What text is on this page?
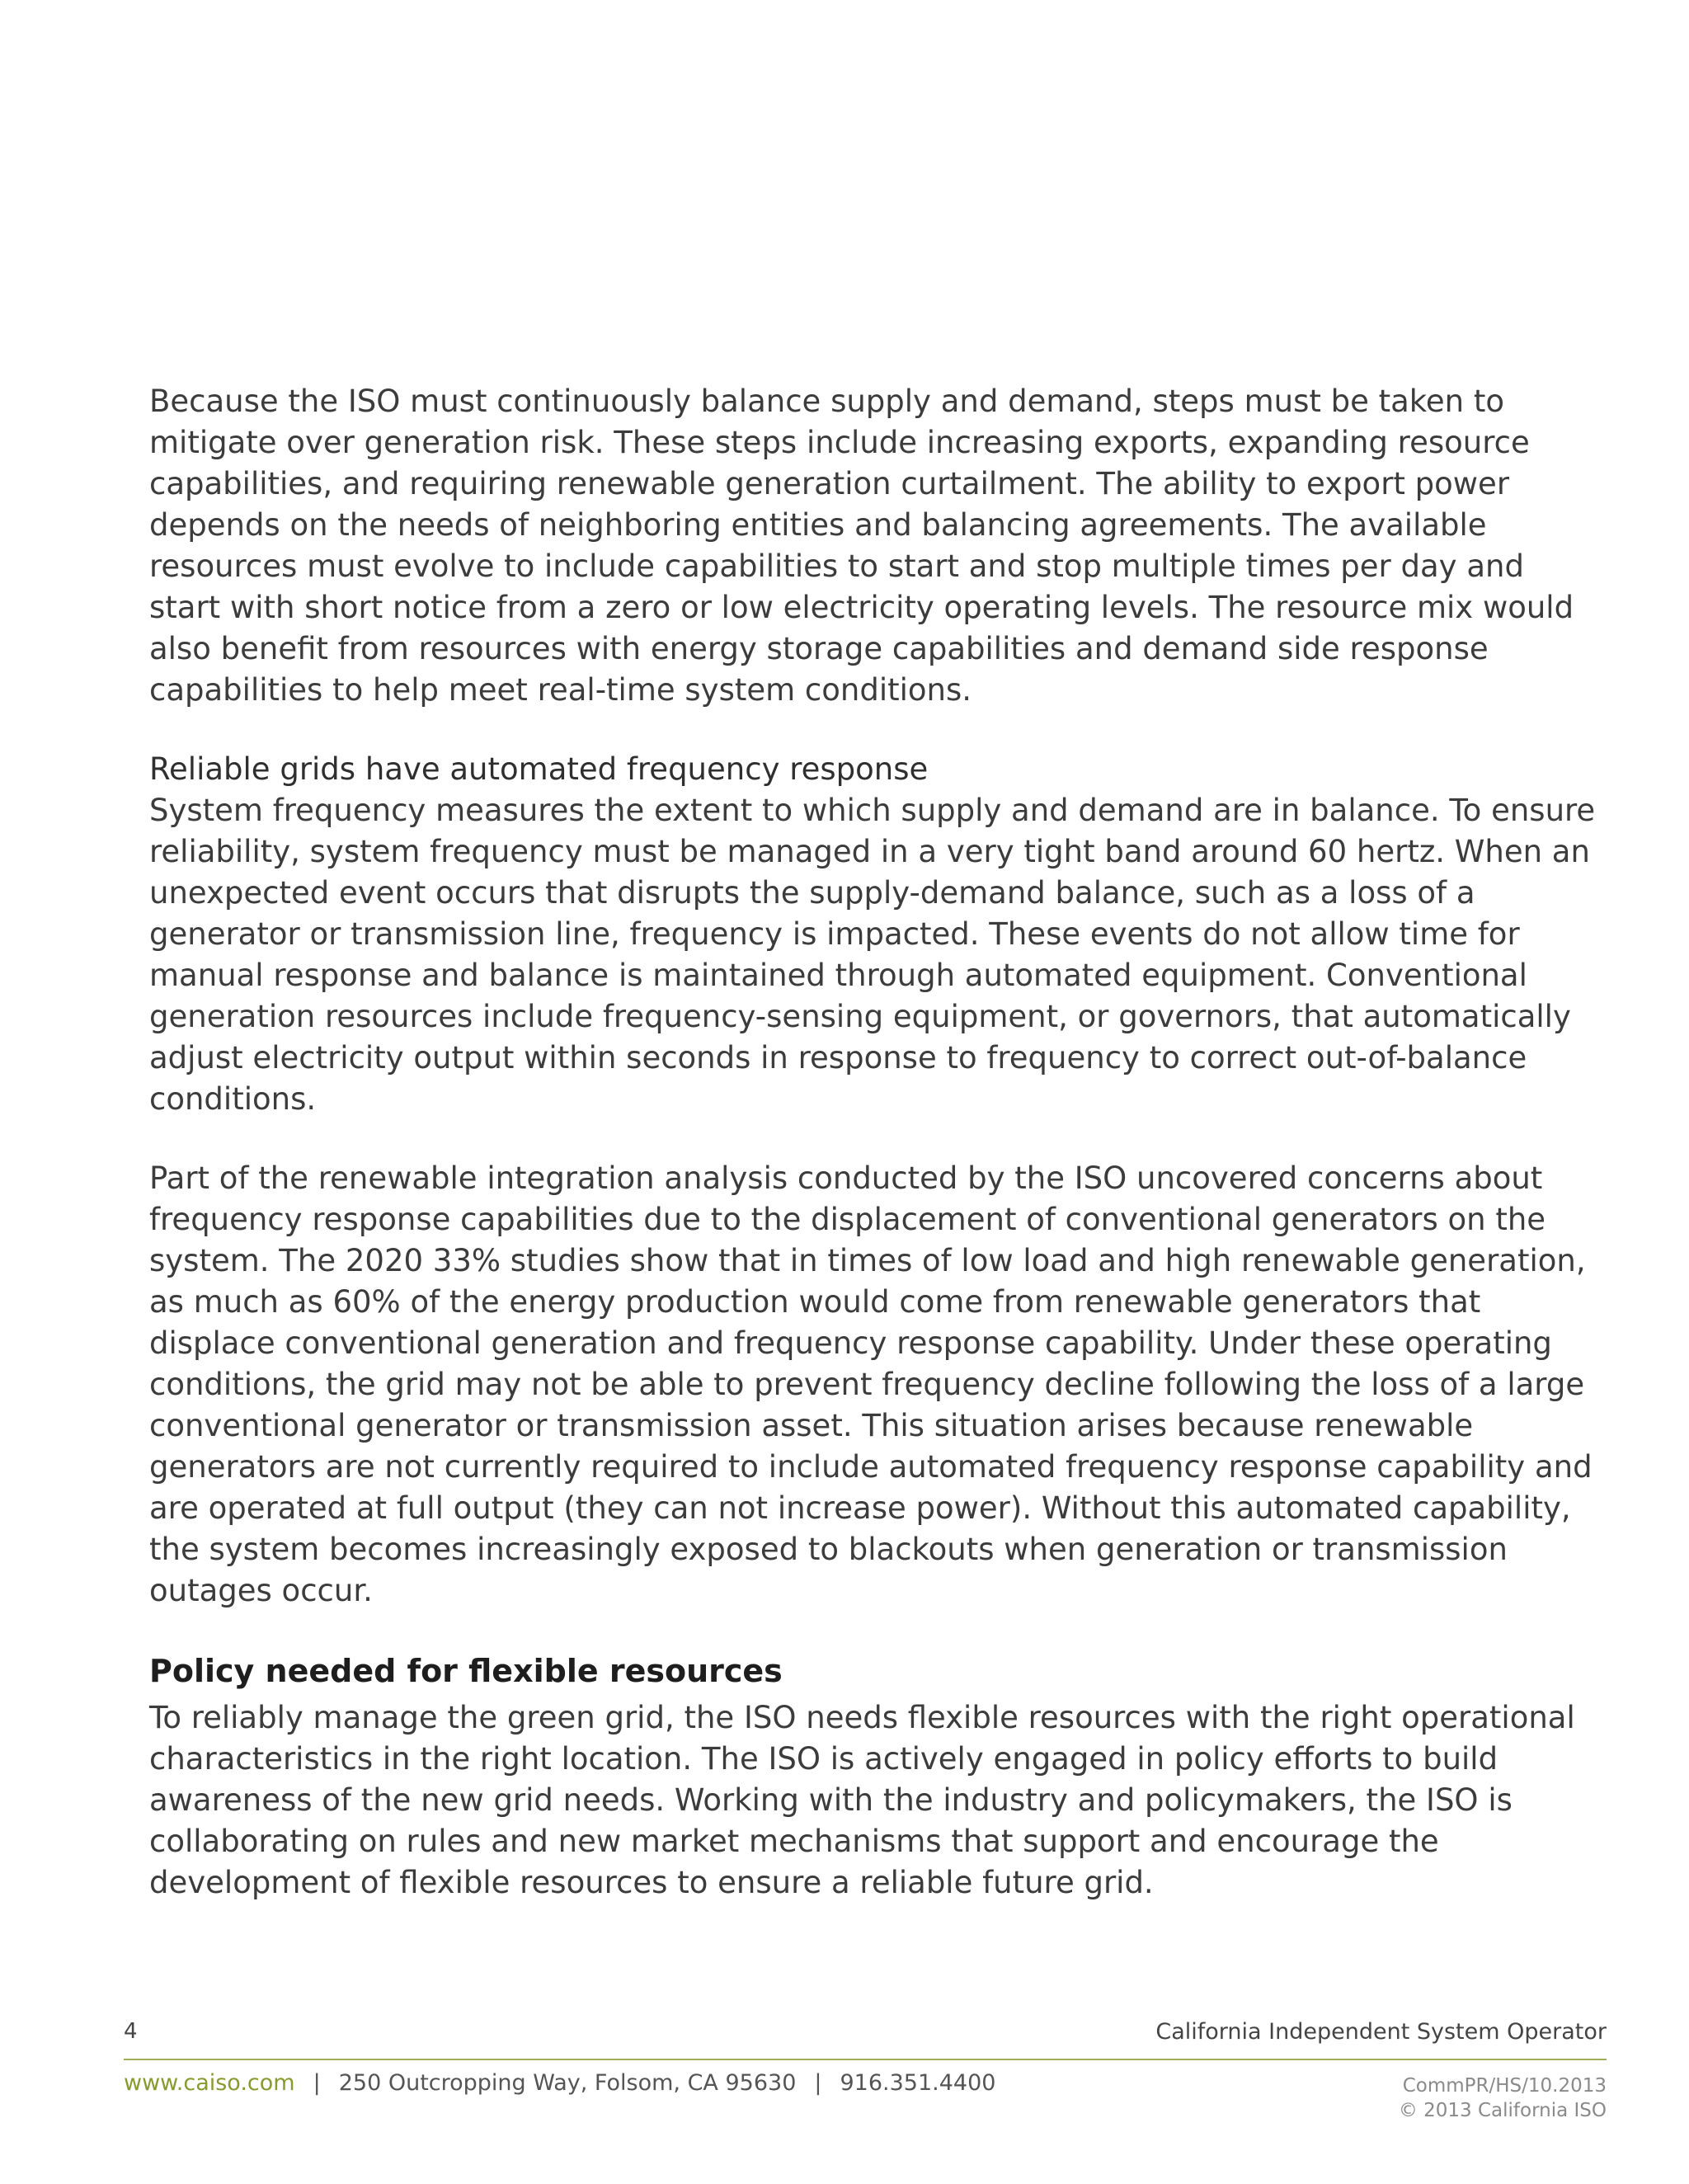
Because the ISO must continuously balance supply and demand, steps must be taken to mitigate over generation risk. These steps include increasing exports, expanding resource capabilities, and requiring renewable generation curtailment. The ability to export power depends on the needs of neighboring entities and balancing agreements. The available resources must evolve to include capabilities to start and stop multiple times per day and start with short notice from a zero or low electricity operating levels. The resource mix would also benefit from resources with energy storage capabilities and demand side response capabilities to help meet real-time system conditions.

Reliable grids have automated frequency response

System frequency measures the extent to which supply and demand are in balance. To ensure reliability, system frequency must be managed in a very tight band around 60 hertz. When an unexpected event occurs that disrupts the supply-demand balance, such as a loss of a generator or transmission line, frequency is impacted. These events do not allow time for manual response and balance is maintained through automated equipment. Conventional generation resources include frequency-sensing equipment, or governors, that automatically adjust electricity output within seconds in response to frequency to correct out-of-balance conditions.

Part of the renewable integration analysis conducted by the ISO uncovered concerns about frequency response capabilities due to the displacement of conventional generators on the system. The 2020 33% studies show that in times of low load and high renewable generation, as much as 60% of the energy production would come from renewable generators that displace conventional generation and frequency response capability. Under these operating conditions, the grid may not be able to prevent frequency decline following the loss of a large conventional generator or transmission asset. This situation arises because renewable generators are not currently required to include automated frequency response capability and are operated at full output (they can not increase power). Without this automated capability, the system becomes increasingly exposed to blackouts when generation or transmission outages occur.

Policy needed for flexible resources

To reliably manage the green grid, the ISO needs flexible resources with the right operational characteristics in the right location. The ISO is actively engaged in policy efforts to build awareness of the new grid needs. Working with the industry and policymakers, the ISO is collaborating on rules and new market mechanisms that support and encourage the development of flexible resources to ensure a reliable future grid.

4	California Independent System Operator
www.caiso.com | 250 Outcropping Way, Folsom, CA 95630 | 916.351.4400	CommPR/HS/10.2013
© 2013 California ISO
